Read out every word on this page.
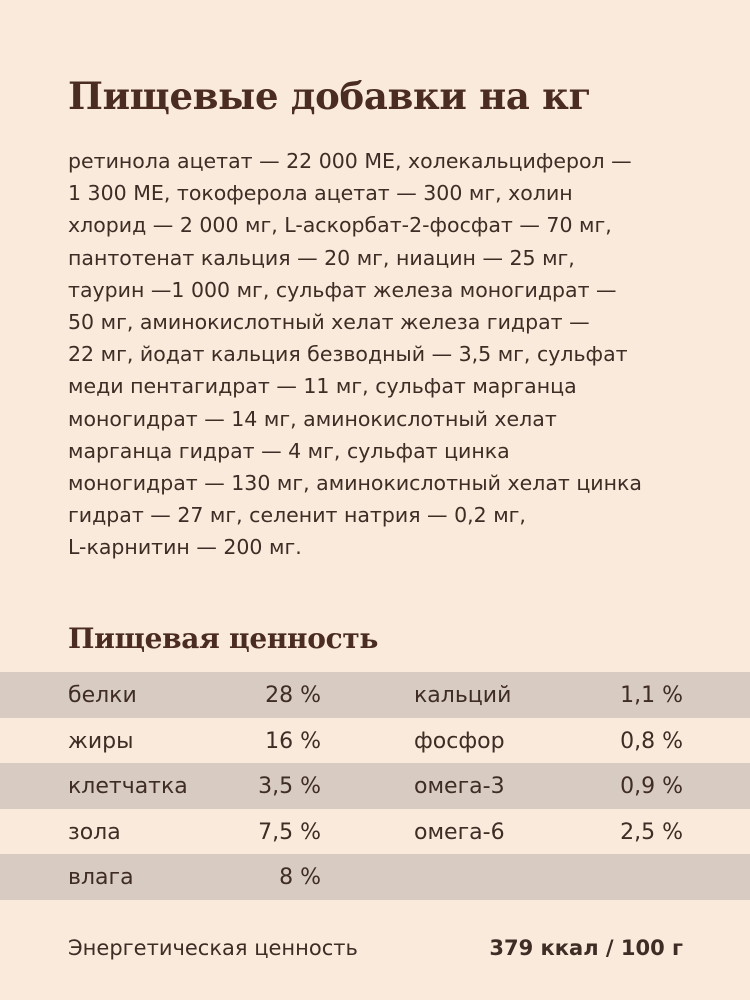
Пищевые добавки на кг
ретинола ацетат — 22 000 МЕ, холекальциферол —
1 300 МЕ, токоферола ацетат — 300 мг, холин
хлорид — 2 000 мг, L-аскорбат-2-фосфат — 70 мг,
пантотенат кальция — 20 мг, ниацин — 25 мг,
таурин —1 000 мг, сульфат железа моногидрат —
50 мг, аминокислотный хелат железа гидрат —
22 мг, йодат кальция безводный — 3,5 мг, сульфат
меди пентагидрат — 11 мг, сульфат марганца
моногидрат — 14 мг, аминокислотный хелат
марганца гидрат — 4 мг, сульфат цинка
моногидрат — 130 мг, аминокислотный хелат цинка
гидрат — 27 мг, селенит натрия — 0,2 мг,
L-карнитин — 200 мг.
Пищевая ценность
белки	28 %	кальций	1,1 %
жиры	16 %	фосфор	0,8 %
клетчатка	3,5 %	омега-3	0,9 %
зола	7,5 %	омега-6	2,5 %
влага	8 %
Энергетическая ценность	379 ккал / 100 г
